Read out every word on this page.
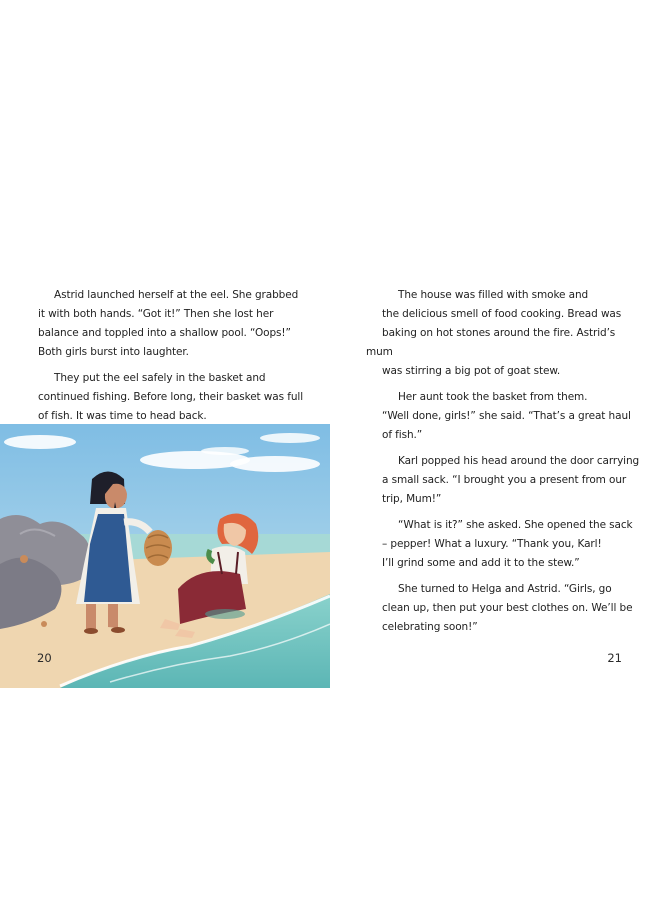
Astrid launched herself at the eel. She grabbed
it with both hands. “Got it!” Then she lost her
balance and toppled into a shallow pool. “Oops!”
Both girls burst into laughter.

They put the eel safely in the basket and
continued fishing. Before long, their basket was full
of fish. It was time to head back.

20

The house was filled with smoke and
the delicious smell of food cooking. Bread was
baking on hot stones around the fire. Astrid’s mum
was stirring a big pot of goat stew.

Her aunt took the basket from them.
“Well done, girls!” she said. “That’s a great haul
of fish.”

Karl popped his head around the door carrying
a small sack. “I brought you a present from our
trip, Mum!”

“What is it?” she asked. She opened the sack
– pepper! What a luxury. “Thank you, Karl!
I’ll grind some and add it to the stew.”

She turned to Helga and Astrid. “Girls, go
clean up, then put your best clothes on. We’ll be
celebrating soon!”

21
